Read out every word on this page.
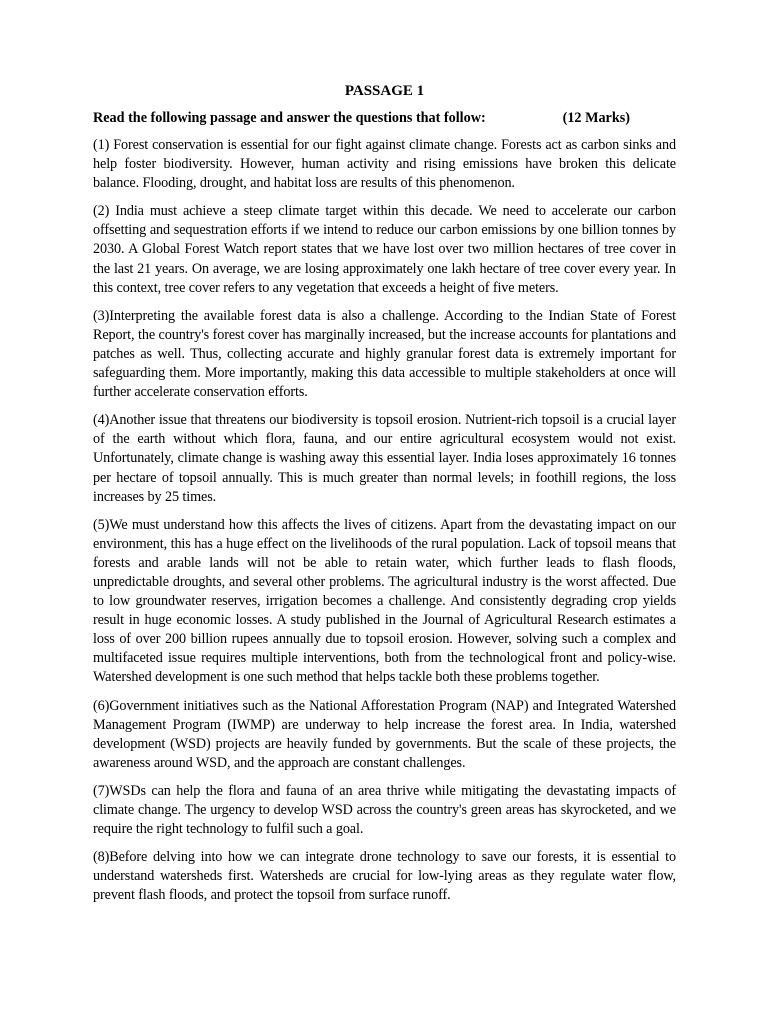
PASSAGE 1
Read the following passage and answer the questions that follow:	(12 Marks)

(1) Forest conservation is essential for our fight against climate change. Forests act as carbon sinks and help foster biodiversity. However, human activity and rising emissions have broken this delicate balance. Flooding, drought, and habitat loss are results of this phenomenon.

(2) India must achieve a steep climate target within this decade. We need to accelerate our carbon offsetting and sequestration efforts if we intend to reduce our carbon emissions by one billion tonnes by 2030. A Global Forest Watch report states that we have lost over two million hectares of tree cover in the last 21 years. On average, we are losing approximately one lakh hectare of tree cover every year. In this context, tree cover refers to any vegetation that exceeds a height of five meters.

(3)Interpreting the available forest data is also a challenge. According to the Indian State of Forest Report, the country's forest cover has marginally increased, but the increase accounts for plantations and patches as well. Thus, collecting accurate and highly granular forest data is extremely important for safeguarding them. More importantly, making this data accessible to multiple stakeholders at once will further accelerate conservation efforts.

(4)Another issue that threatens our biodiversity is topsoil erosion. Nutrient-rich topsoil is a crucial layer of the earth without which flora, fauna, and our entire agricultural ecosystem would not exist. Unfortunately, climate change is washing away this essential layer. India loses approximately 16 tonnes per hectare of topsoil annually. This is much greater than normal levels; in foothill regions, the loss increases by 25 times.

(5)We must understand how this affects the lives of citizens. Apart from the devastating impact on our environment, this has a huge effect on the livelihoods of the rural population. Lack of topsoil means that forests and arable lands will not be able to retain water, which further leads to flash floods, unpredictable droughts, and several other problems. The agricultural industry is the worst affected. Due to low groundwater reserves, irrigation becomes a challenge. And consistently degrading crop yields result in huge economic losses. A study published in the Journal of Agricultural Research estimates a loss of over 200 billion rupees annually due to topsoil erosion. However, solving such a complex and multifaceted issue requires multiple interventions, both from the technological front and policy-wise. Watershed development is one such method that helps tackle both these problems together.

(6)Government initiatives such as the National Afforestation Program (NAP) and Integrated Watershed Management Program (IWMP) are underway to help increase the forest area. In India, watershed development (WSD) projects are heavily funded by governments. But the scale of these projects, the awareness around WSD, and the approach are constant challenges.

(7)WSDs can help the flora and fauna of an area thrive while mitigating the devastating impacts of climate change. The urgency to develop WSD across the country's green areas has skyrocketed, and we require the right technology to fulfil such a goal.

(8)Before delving into how we can integrate drone technology to save our forests, it is essential to understand watersheds first. Watersheds are crucial for low-lying areas as they regulate water flow, prevent flash floods, and protect the topsoil from surface runoff.
